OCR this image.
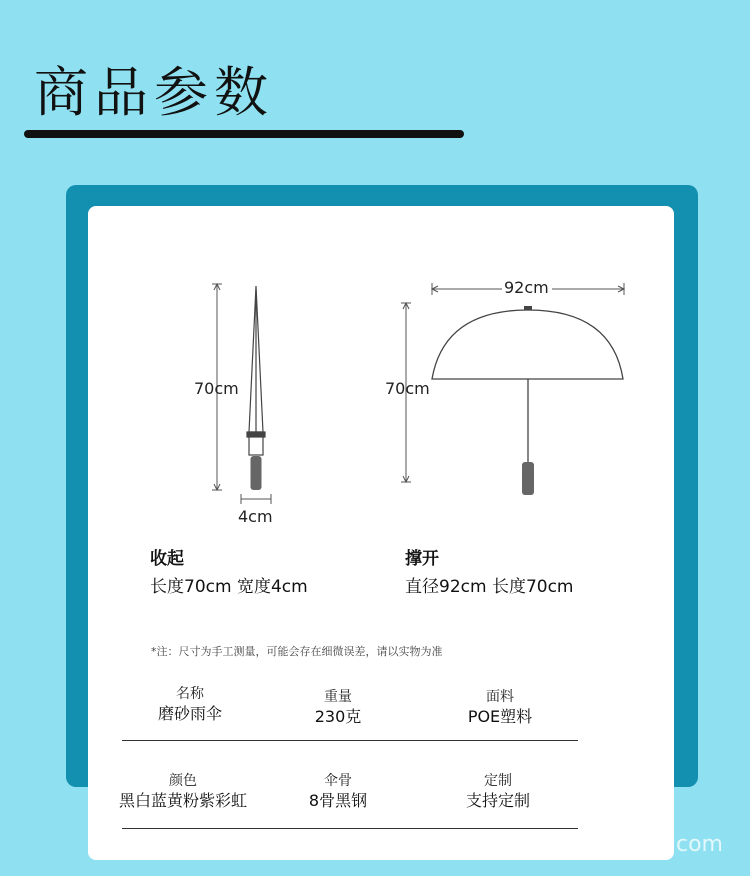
商品参数
70cm
4cm
92cm
70cm
收起
长度70cm 宽度4cm
撑开
直径92cm 长度70cm
*注：尺寸为手工测量，可能会存在细微误差，请以实物为准
名称
磨砂雨伞
重量
230克
面料
POE塑料
颜色
黑白蓝黄粉紫彩虹
伞骨
8骨黑钢
定制
支持定制
com
